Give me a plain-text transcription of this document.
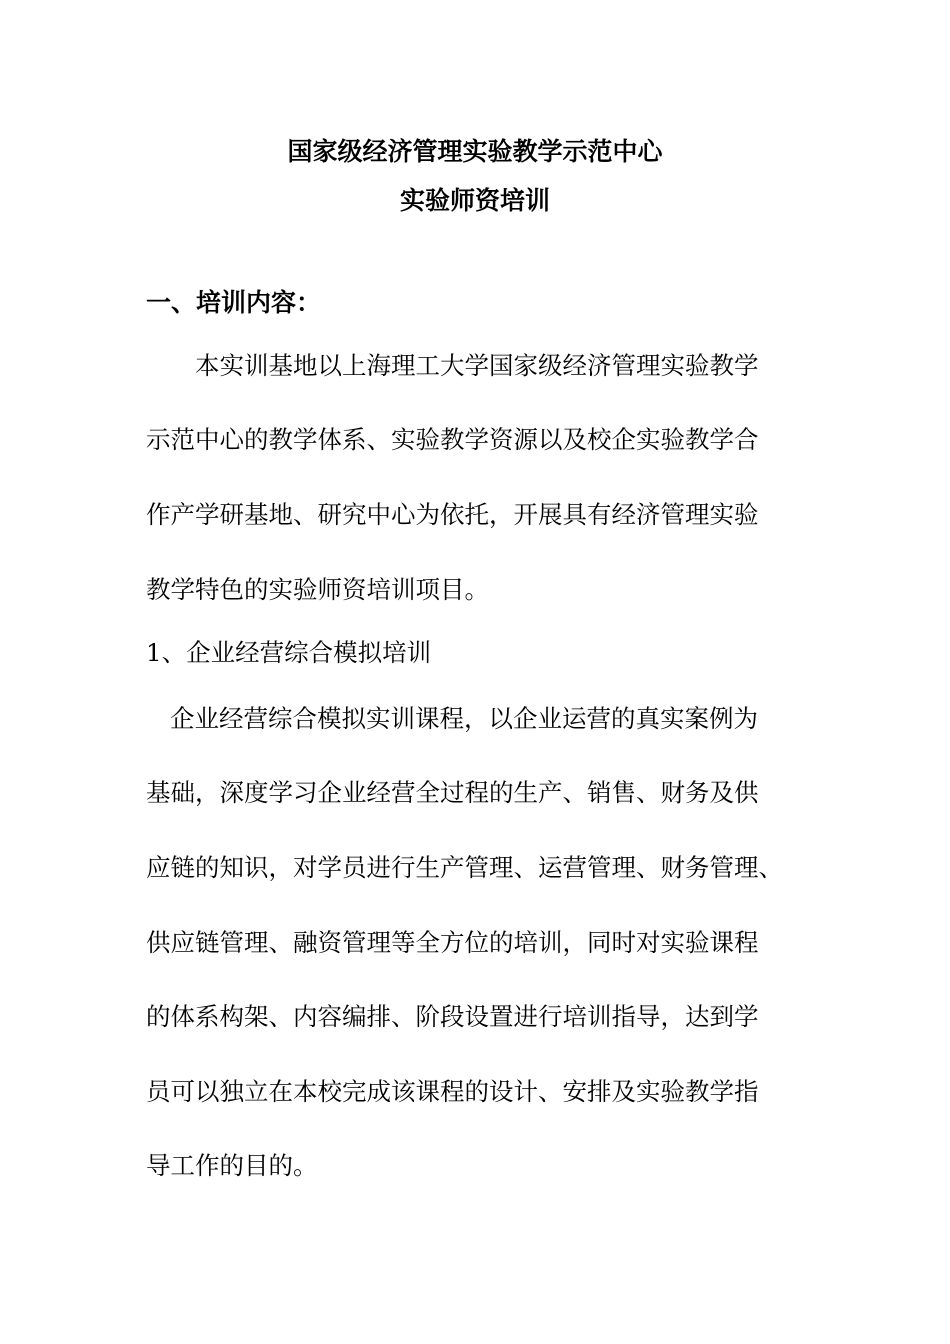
国家级经济管理实验教学示范中心
实验师资培训
一、培训内容：
本实训基地以上海理工大学国家级经济管理实验教学
示范中心的教学体系、实验教学资源以及校企实验教学合
作产学研基地、研究中心为依托，开展具有经济管理实验
教学特色的实验师资培训项目。
1、企业经营综合模拟培训
企业经营综合模拟实训课程，以企业运营的真实案例为
基础，深度学习企业经营全过程的生产、销售、财务及供
应链的知识，对学员进行生产管理、运营管理、财务管理、
供应链管理、融资管理等全方位的培训，同时对实验课程
的体系构架、内容编排、阶段设置进行培训指导，达到学
员可以独立在本校完成该课程的设计、安排及实验教学指
导工作的目的。
